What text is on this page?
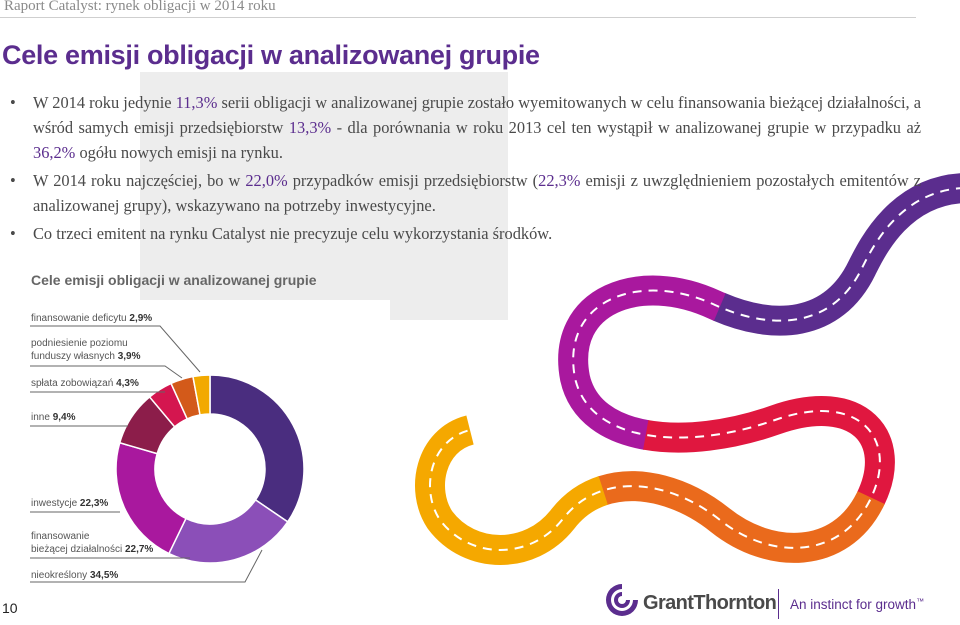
Raport Catalyst: rynek obligacji w 2014 roku
Cele emisji obligacji w analizowanej grupie
• W 2014 roku jedynie 11,3% serii obligacji w analizowanej grupie zostało wyemitowanych w celu finansowania bieżącej działalności, a wśród samych emisji przedsiębiorstw 13,3% - dla porównania w roku 2013 cel ten wystąpił w analizowanej grupie w przypadku aż 36,2% ogółu nowych emisji na rynku.
• W 2014 roku najczęściej, bo w 22,0% przypadków emisji przedsiębiorstw (22,3% emisji z uwzględnieniem pozostałych emitentów z analizowanej grupy), wskazywano na potrzeby inwestycyjne.
• Co trzeci emitent na rynku Catalyst nie precyzuje celu wykorzystania środków.
Cele emisji obligacji w analizowanej grupie
finansowanie deficytu 2,9%
podniesienie poziomu
funduszy własnych 3,9%
spłata zobowiązań 4,3%
inne 9,4%
inwestycje 22,3%
finansowanie
bieżącej działalności 22,7%
nieokreślony 34,5%
10	GrantThornton An instinct for growth™
